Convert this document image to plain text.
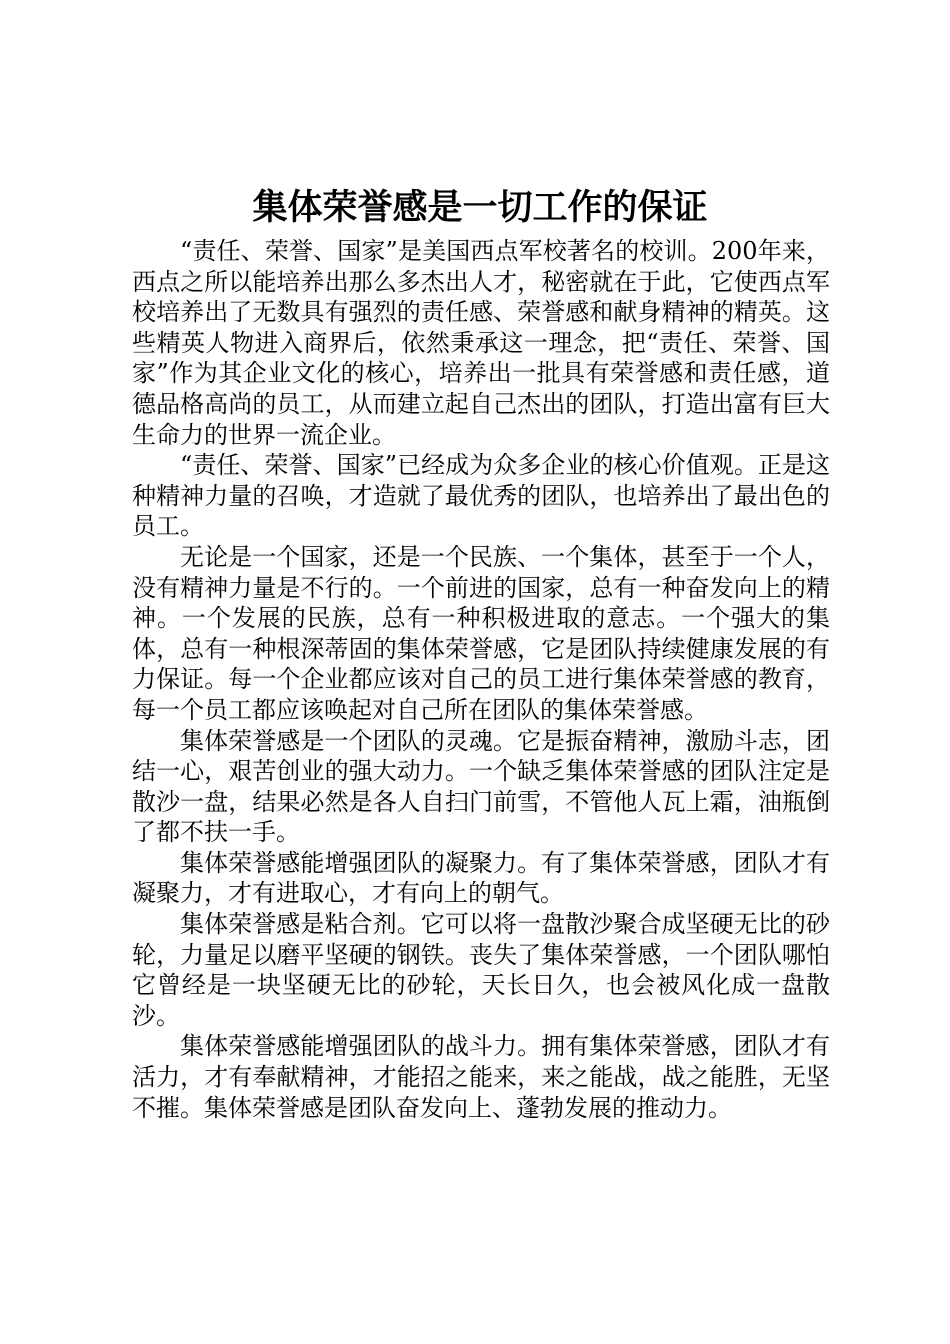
集体荣誉感是一切工作的保证

“责任、荣誉、国家”是美国西点军校著名的校训。200年来，西点之所以能培养出那么多杰出人才，秘密就在于此，它使西点军校培养出了无数具有强烈的责任感、荣誉感和献身精神的精英。这些精英人物进入商界后，依然秉承这一理念，把“责任、荣誉、国家”作为其企业文化的核心，培养出一批具有荣誉感和责任感，道德品格高尚的员工，从而建立起自己杰出的团队，打造出富有巨大生命力的世界一流企业。

“责任、荣誉、国家”已经成为众多企业的核心价值观。正是这种精神力量的召唤，才造就了最优秀的团队，也培养出了最出色的员工。

无论是一个国家，还是一个民族、一个集体，甚至于一个人，没有精神力量是不行的。一个前进的国家，总有一种奋发向上的精神。一个发展的民族，总有一种积极进取的意志。一个强大的集体，总有一种根深蒂固的集体荣誉感，它是团队持续健康发展的有力保证。每一个企业都应该对自己的员工进行集体荣誉感的教育，每一个员工都应该唤起对自己所在团队的集体荣誉感。

集体荣誉感是一个团队的灵魂。它是振奋精神，激励斗志，团结一心，艰苦创业的强大动力。一个缺乏集体荣誉感的团队注定是散沙一盘，结果必然是各人自扫门前雪，不管他人瓦上霜，油瓶倒了都不扶一手。

集体荣誉感能增强团队的凝聚力。有了集体荣誉感，团队才有凝聚力，才有进取心，才有向上的朝气。

集体荣誉感是粘合剂。它可以将一盘散沙聚合成坚硬无比的砂轮，力量足以磨平坚硬的钢铁。丧失了集体荣誉感，一个团队哪怕它曾经是一块坚硬无比的砂轮，天长日久，也会被风化成一盘散沙。

集体荣誉感能增强团队的战斗力。拥有集体荣誉感，团队才有活力，才有奉献精神，才能招之能来，来之能战，战之能胜，无坚不摧。集体荣誉感是团队奋发向上、蓬勃发展的推动力。
